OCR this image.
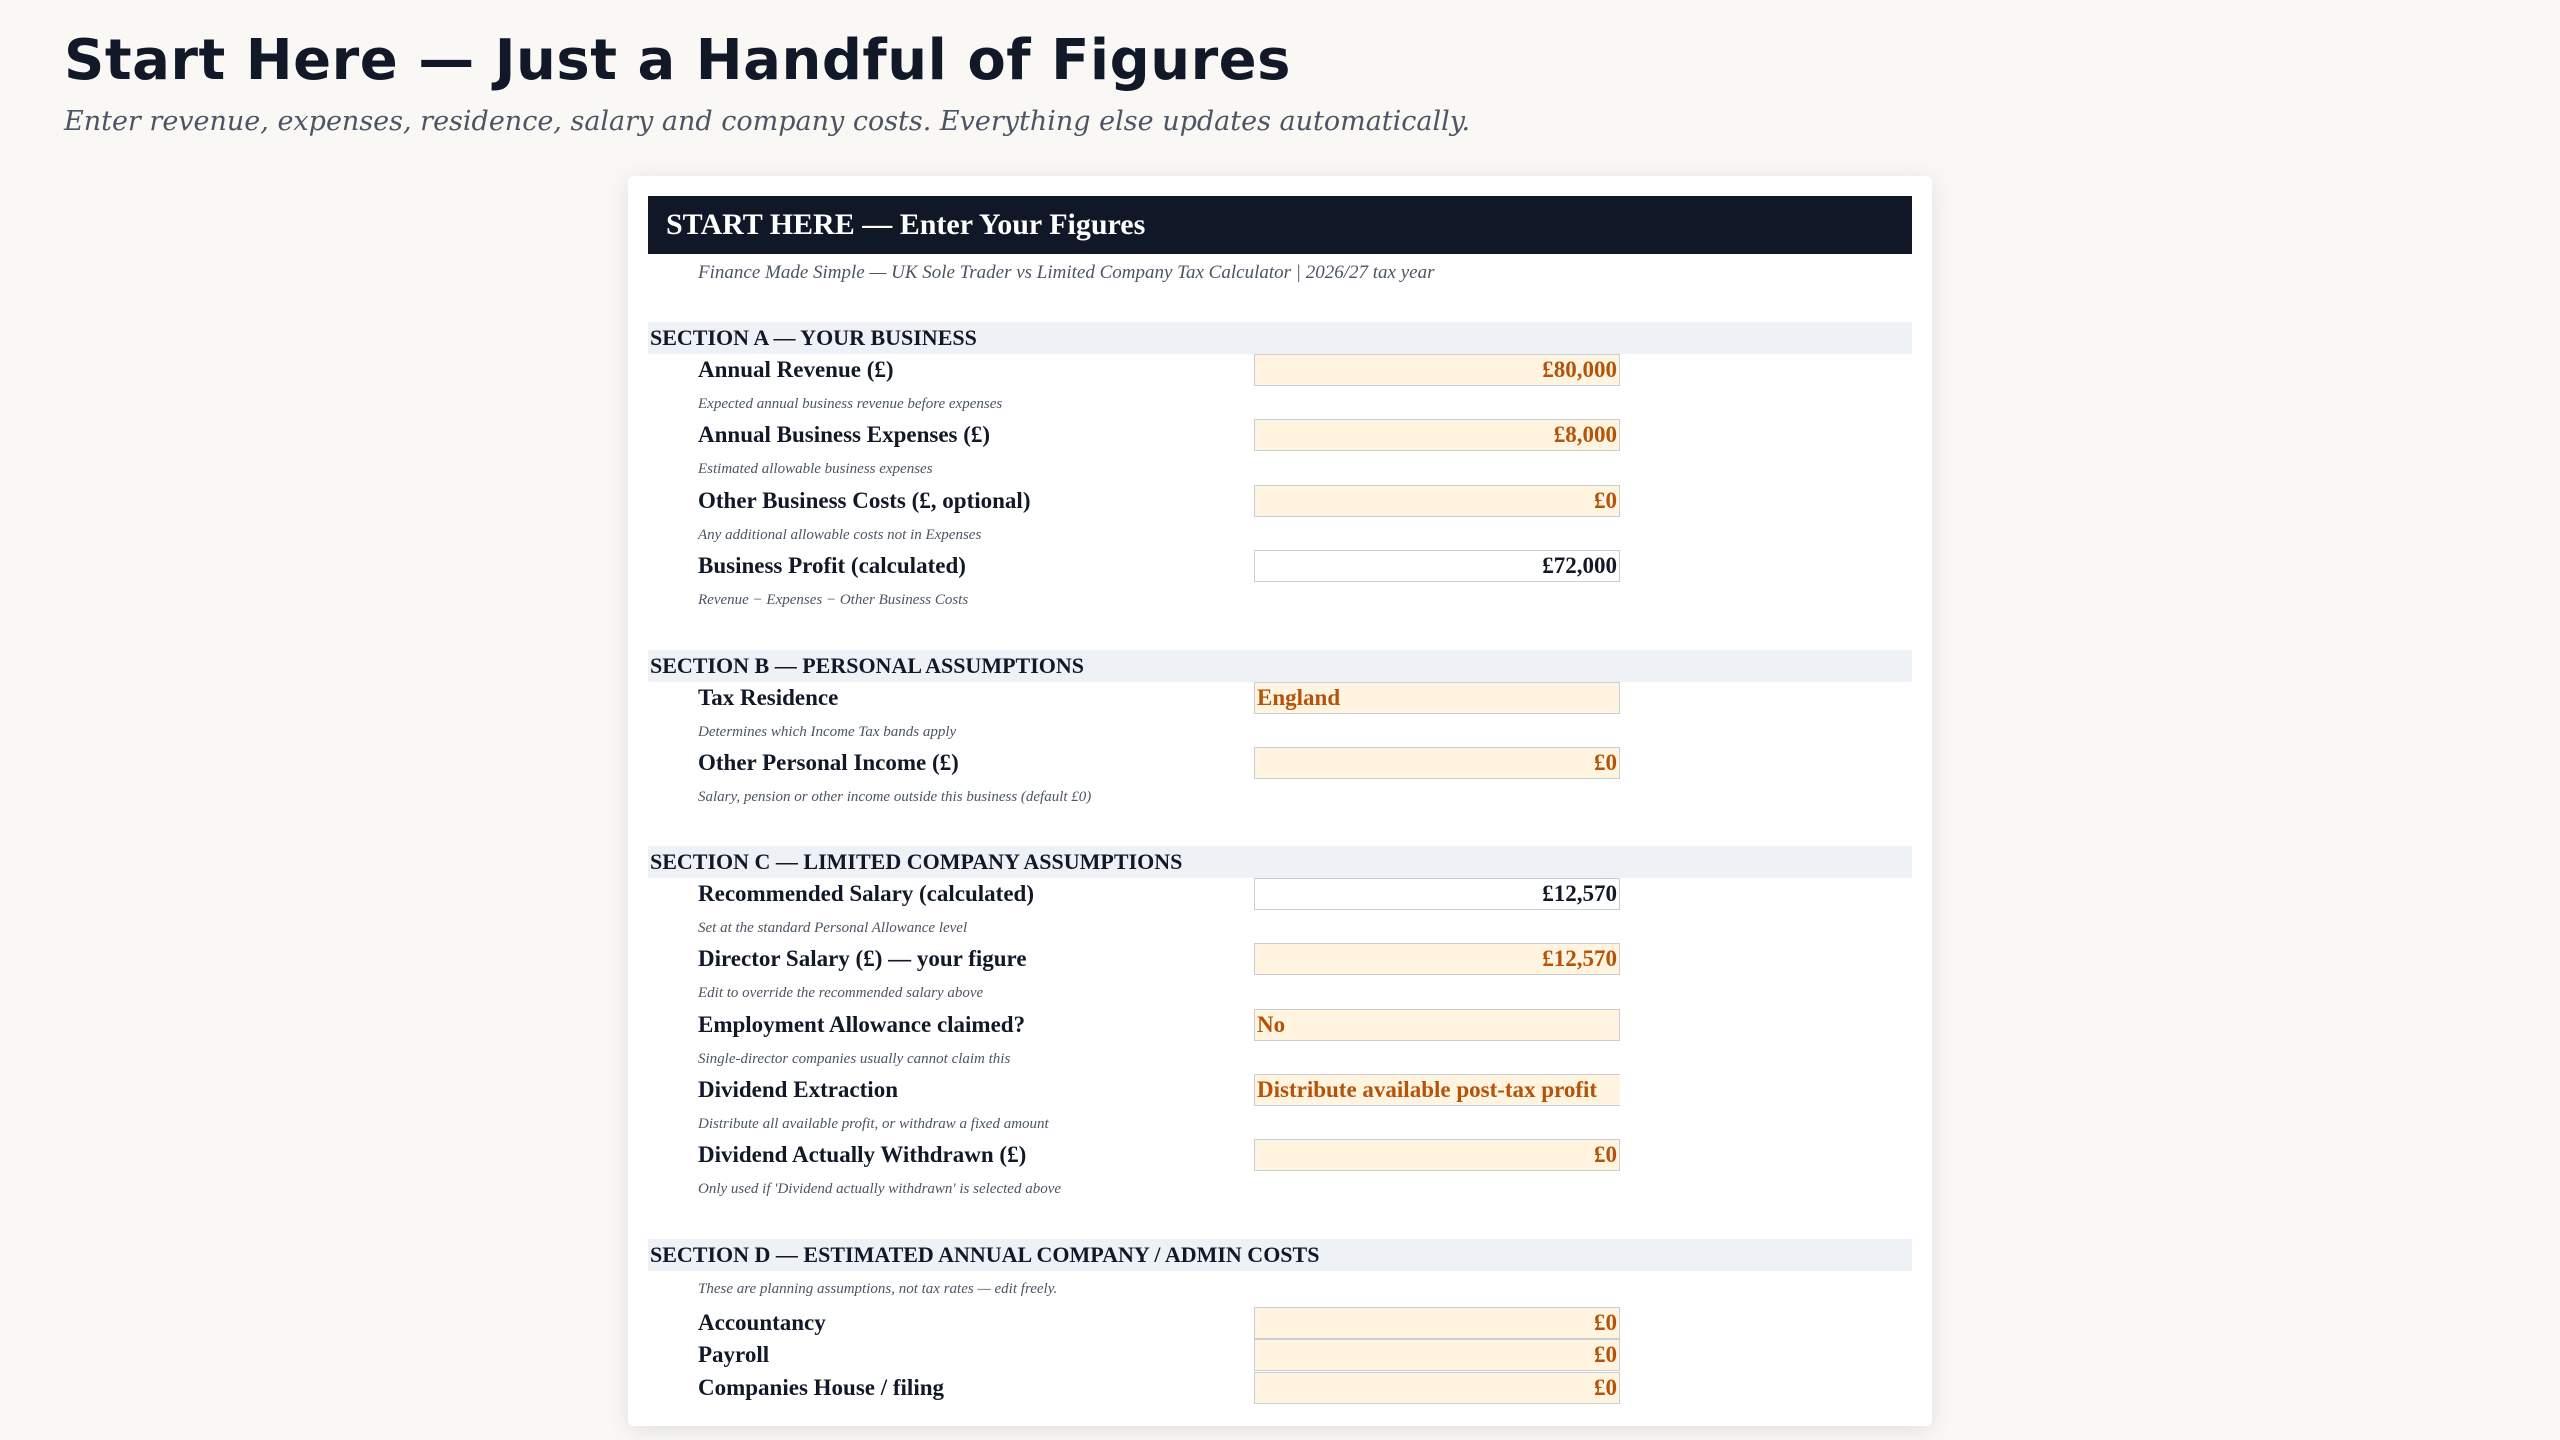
Start Here — Just a Handful of Figures

Enter revenue, expenses, residence, salary and company costs. Everything else updates automatically.

START HERE — Enter Your Figures
Finance Made Simple — UK Sole Trader vs Limited Company Tax Calculator | 2026/27 tax year
SECTION A — YOUR BUSINESS
Annual Revenue (£)	£80,000
Expected annual business revenue before expenses
Annual Business Expenses (£)	£8,000
Estimated allowable business expenses
Other Business Costs (£, optional)	£0
Any additional allowable costs not in Expenses
Business Profit (calculated)	£72,000
Revenue − Expenses − Other Business Costs
SECTION B — PERSONAL ASSUMPTIONS
Tax Residence	England
Determines which Income Tax bands apply
Other Personal Income (£)	£0
Salary, pension or other income outside this business (default £0)
SECTION C — LIMITED COMPANY ASSUMPTIONS
Recommended Salary (calculated)	£12,570
Set at the standard Personal Allowance level
Director Salary (£) — your figure	£12,570
Edit to override the recommended salary above
Employment Allowance claimed?	No
Single-director companies usually cannot claim this
Dividend Extraction	Distribute available post-tax profit
Distribute all available profit, or withdraw a fixed amount
Dividend Actually Withdrawn (£)	£0
Only used if 'Dividend actually withdrawn' is selected above
SECTION D — ESTIMATED ANNUAL COMPANY / ADMIN COSTS
These are planning assumptions, not tax rates — edit freely.
Accountancy	£0
Payroll	£0
Companies House / filing	£0
